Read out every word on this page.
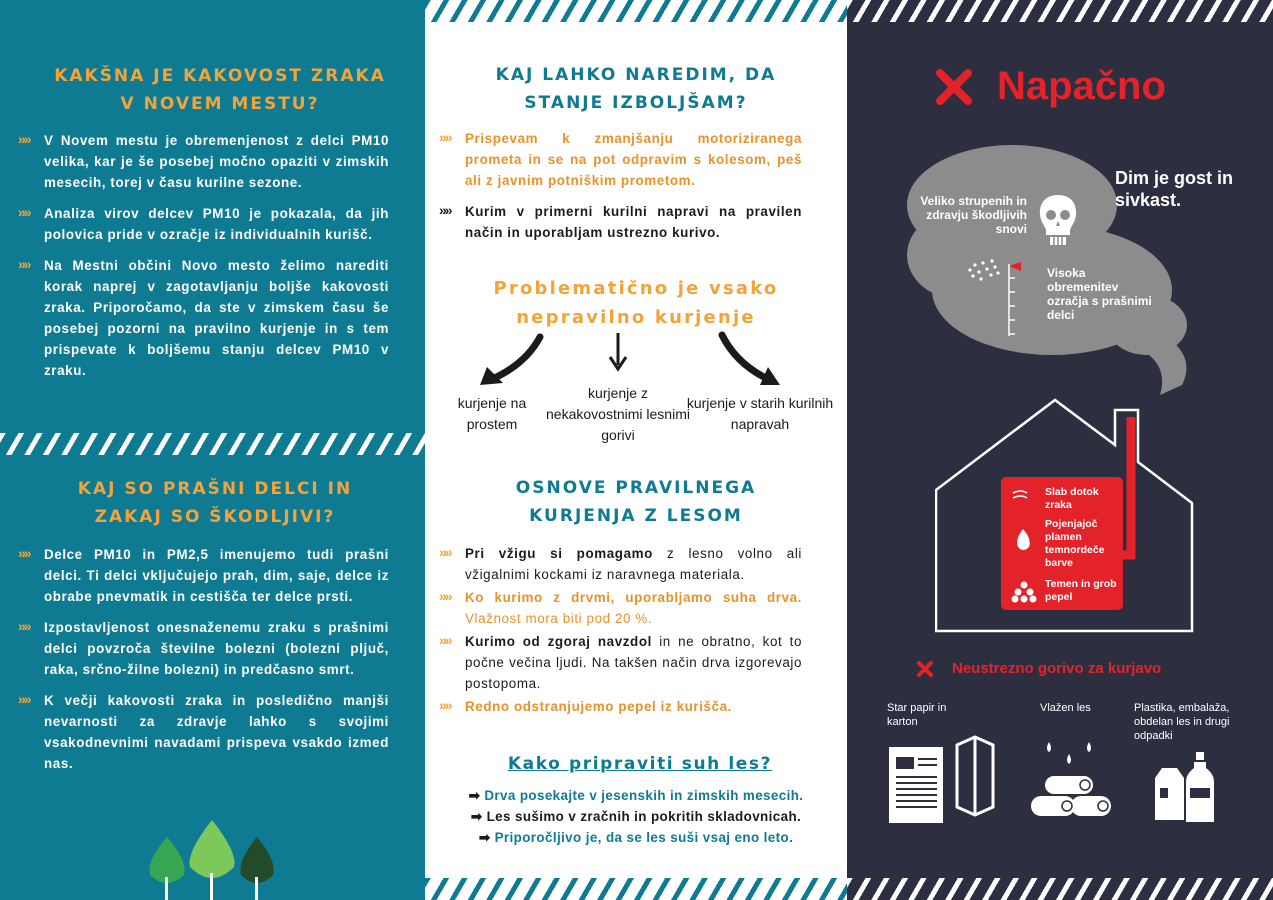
KAKŠNA JE KAKOVOST ZRAKA
V NOVEM MESTU?
»» V Novem mestu je obremenjenost z delci PM10 velika, kar je še posebej močno opaziti v zimskih mesecih, torej v času kurilne sezone.
»» Analiza virov delcev PM10 je pokazala, da jih polovica pride v ozračje iz individualnih kurišč.
»» Na Mestni občini Novo mesto želimo narediti korak naprej v zagotavljanju boljše kakovosti zraka. Priporočamo, da ste v zimskem času še posebej pozorni na pravilno kurjenje in s tem prispevate k boljšemu stanju delcev PM10 v zraku.
KAJ SO PRAŠNI DELCI IN
ZAKAJ SO ŠKODLJIVI?
»» Delce PM10 in PM2,5 imenujemo tudi prašni delci. Ti delci vključujejo prah, dim, saje, delce iz obrabe pnevmatik in cestišča ter delce prsti.
»» Izpostavljenost onesnaženemu zraku s prašnimi delci povzroča številne bolezni (bolezni pljuč, raka, srčno-žilne bolezni) in predčasno smrt.
»» K večji kakovosti zraka in posledično manjši nevarnosti za zdravje lahko s svojimi vsakodnevnimi navadami prispeva vsakdo izmed nas.
KAJ LAHKO NAREDIM, DA
STANJE IZBOLJŠAM?
»» Prispevam k zmanjšanju motoriziranega prometa in se na pot odpravim s kolesom, peš ali z javnim potniškim prometom.
»» Kurim v primerni kurilni napravi na pravilen način in uporabljam ustrezno kurivo.
Problematično je vsako
nepravilno kurjenje
kurjenje na prostem
kurjenje z nekakovostnimi lesnimi gorivi
kurjenje v starih kurilnih napravah
OSNOVE PRAVILNEGA
KURJENJA Z LESOM
»» Pri vžigu si pomagamo z lesno volno ali vžigalnimi kockami iz naravnega materiala.
»» Ko kurimo z drvmi, uporabljamo suha drva. Vlažnost mora biti pod 20 %.
»» Kurimo od zgoraj navzdol in ne obratno, kot to počne večina ljudi. Na takšen način drva izgorevajo postopoma.
»» Redno odstranjujemo pepel iz kurišča.
Kako pripraviti suh les?
➡ Drva posekajte v jesenskih in zimskih mesecih.
➡ Les sušimo v zračnih in pokritih skladovnicah.
➡ Priporočljivo je, da se les suši vsaj eno leto.
Napačno
Veliko strupenih in zdravju škodljivih snovi
Dim je gost in sivkast.
Visoka obremenitev ozračja s prašnimi delci
Slab dotok zraka
Pojenjajoč plamen temnordeče barve
Temen in grob pepel
Neustrezno gorivo za kurjavo
Star papir in karton
Vlažen les	Plastika, embalaža, obdelan les in drugi odpadki
